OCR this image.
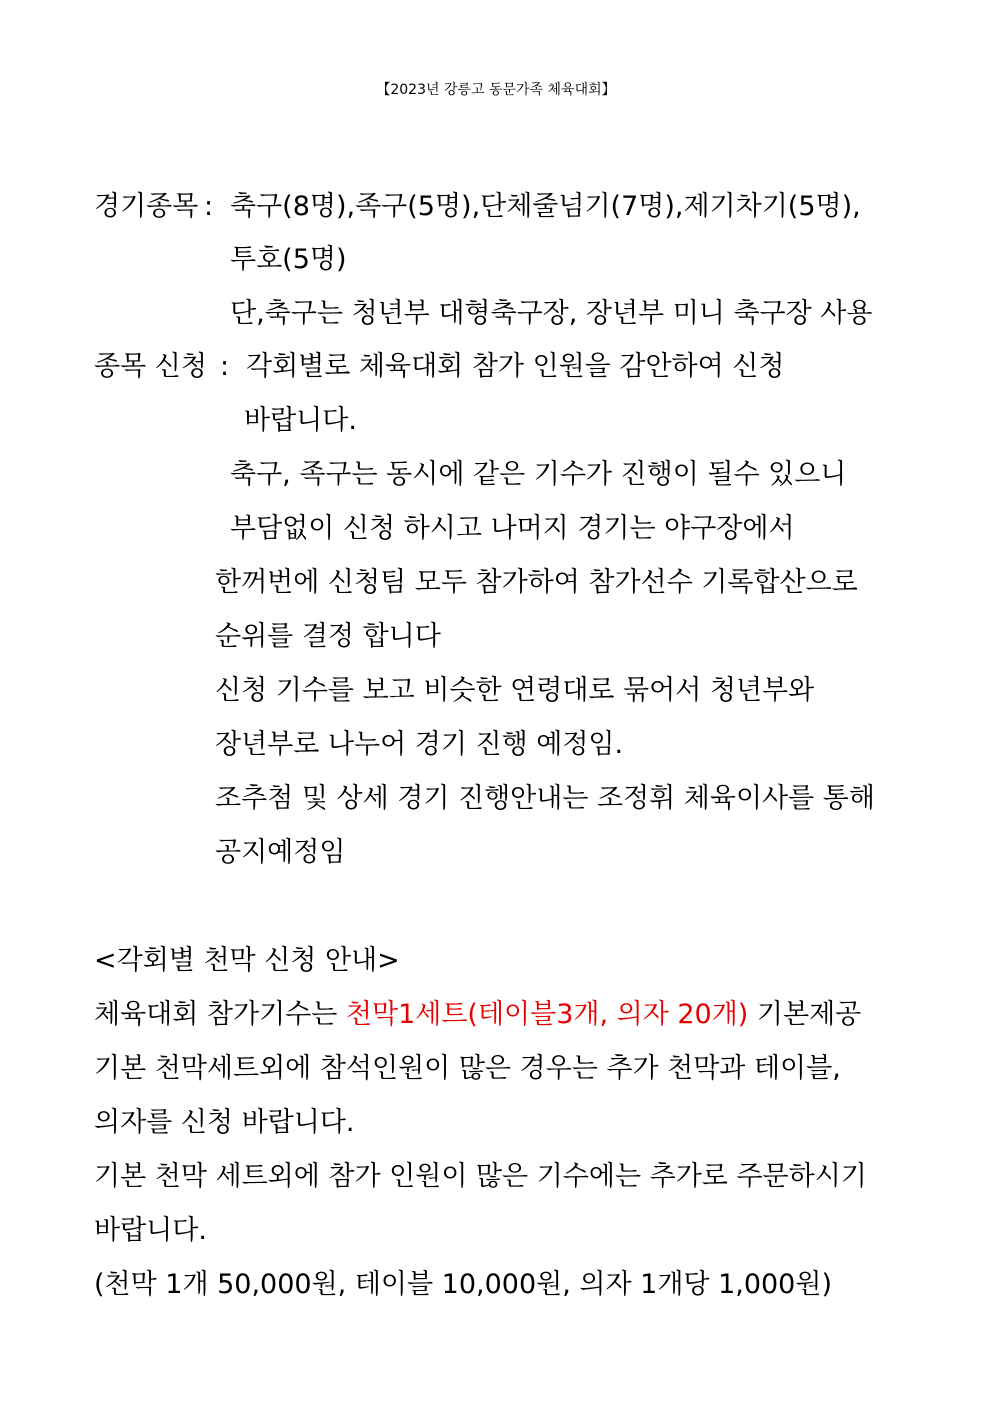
【2023년 강릉고 동문가족 체육대회】
경기종목 : 축구(8명),족구(5명),단체줄넘기(7명),제기차기(5명),
투호(5명)
단,축구는 청년부 대형축구장, 장년부 미니 축구장 사용
종목 신청 : 각회별로 체육대회 참가 인원을 감안하여 신청
바랍니다.
축구, 족구는 동시에 같은 기수가 진행이 될수 있으니
부담없이 신청 하시고 나머지 경기는 야구장에서
한꺼번에 신청팀 모두 참가하여 참가선수 기록합산으로
순위를 결정 합니다
신청 기수를 보고 비슷한 연령대로 묶어서 청년부와
장년부로 나누어 경기 진행 예정임.
조추첨 및 상세 경기 진행안내는 조정휘 체육이사를 통해
공지예정임
<각회별 천막 신청 안내>
체육대회 참가기수는 천막1세트(테이블3개, 의자 20개) 기본제공
기본 천막세트외에 참석인원이 많은 경우는 추가 천막과 테이블,
의자를 신청 바랍니다.
기본 천막 세트외에 참가 인원이 많은 기수에는 추가로 주문하시기
바랍니다.
(천막 1개 50,000원, 테이블 10,000원, 의자 1개당 1,000원)
